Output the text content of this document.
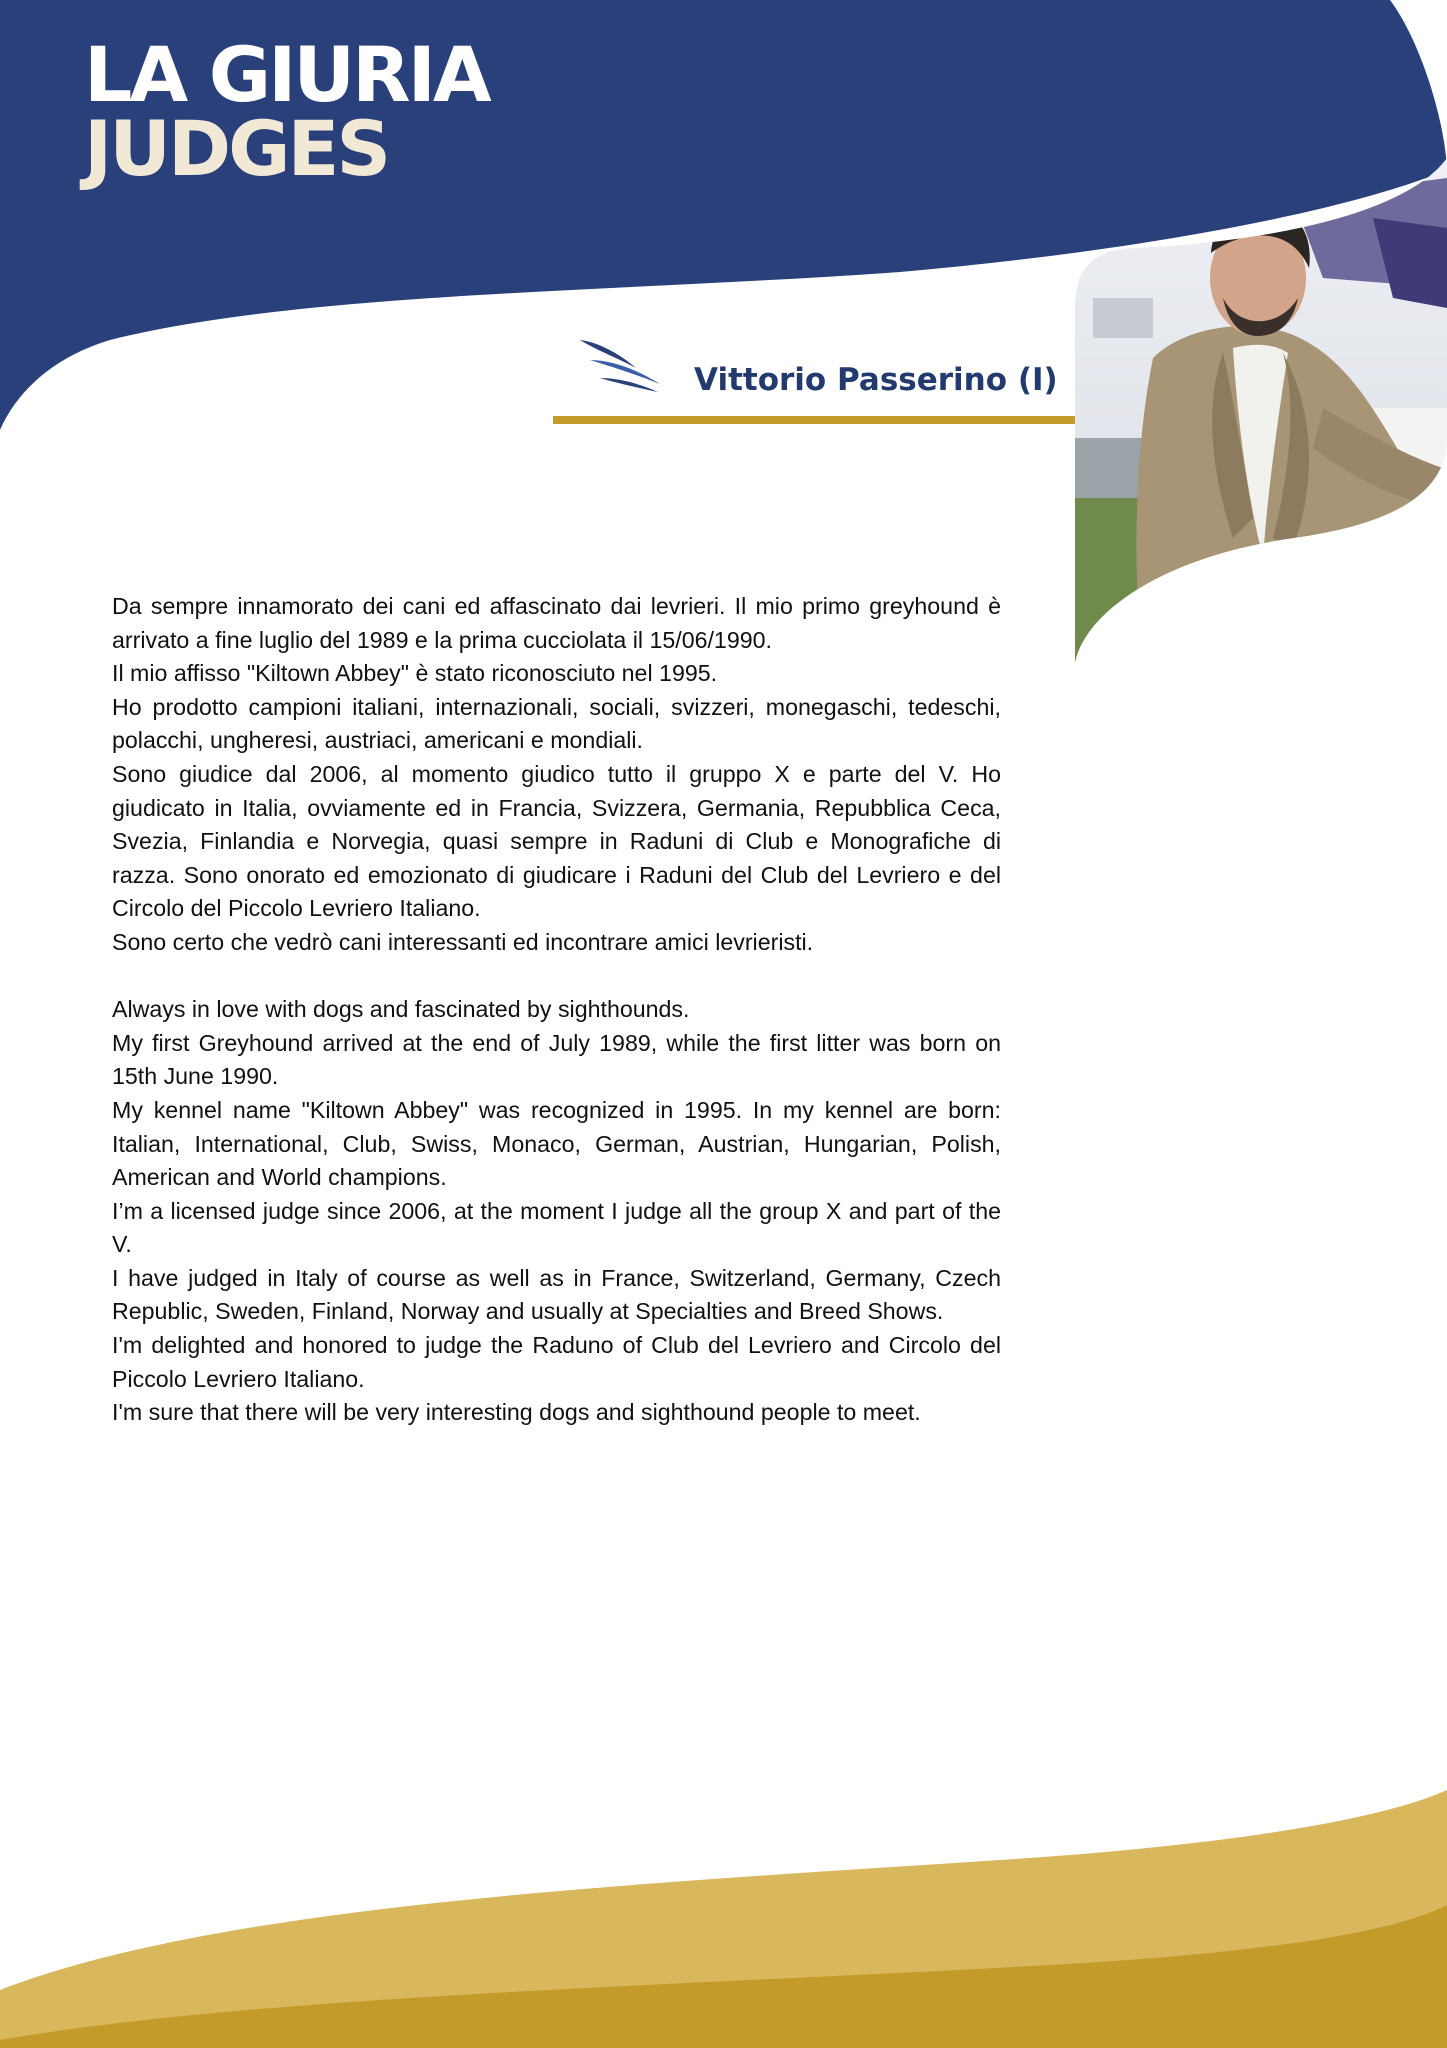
LA GIURIA
JUDGES
Vittorio Passerino (I)

Da sempre innamorato dei cani ed affascinato dai levrieri. Il mio primo greyhound è arrivato a fine luglio del 1989 e la prima cucciolata il 15/06/1990.

Il mio affisso "Kiltown Abbey" è stato riconosciuto nel 1995.

Ho prodotto campioni italiani, internazionali, sociali, svizzeri, monegaschi, tedeschi, polacchi, ungheresi, austriaci, americani e mondiali.

Sono giudice dal 2006, al momento giudico tutto il gruppo X e parte del V. Ho giudicato in Italia, ovviamente ed in Francia, Svizzera, Germania, Repubblica Ceca, Svezia, Finlandia e Norvegia, quasi sempre in Raduni di Club e Monografiche di razza. Sono onorato ed emozionato di giudicare i Raduni del Club del Levriero e del Circolo del Piccolo Levriero Italiano.

Sono certo che vedrò cani interessanti ed incontrare amici levrieristi.

Always in love with dogs and fascinated by sighthounds.

My first Greyhound arrived at the end of July 1989, while the first litter was born on 15th June 1990.

My kennel name "Kiltown Abbey" was recognized in 1995. In my kennel are born: Italian, International, Club, Swiss, Monaco, German, Austrian, Hungarian, Polish, American and World champions.

I’m a licensed judge since 2006, at the moment I judge all the group X and part of the V.

I have judged in Italy of course as well as in France, Switzerland, Germany, Czech Republic, Sweden, Finland, Norway and usually at Specialties and Breed Shows.

I'm delighted and honored to judge the Raduno of Club del Levriero and Circolo del Piccolo Levriero Italiano.

I'm sure that there will be very interesting dogs and sighthound people to meet.
